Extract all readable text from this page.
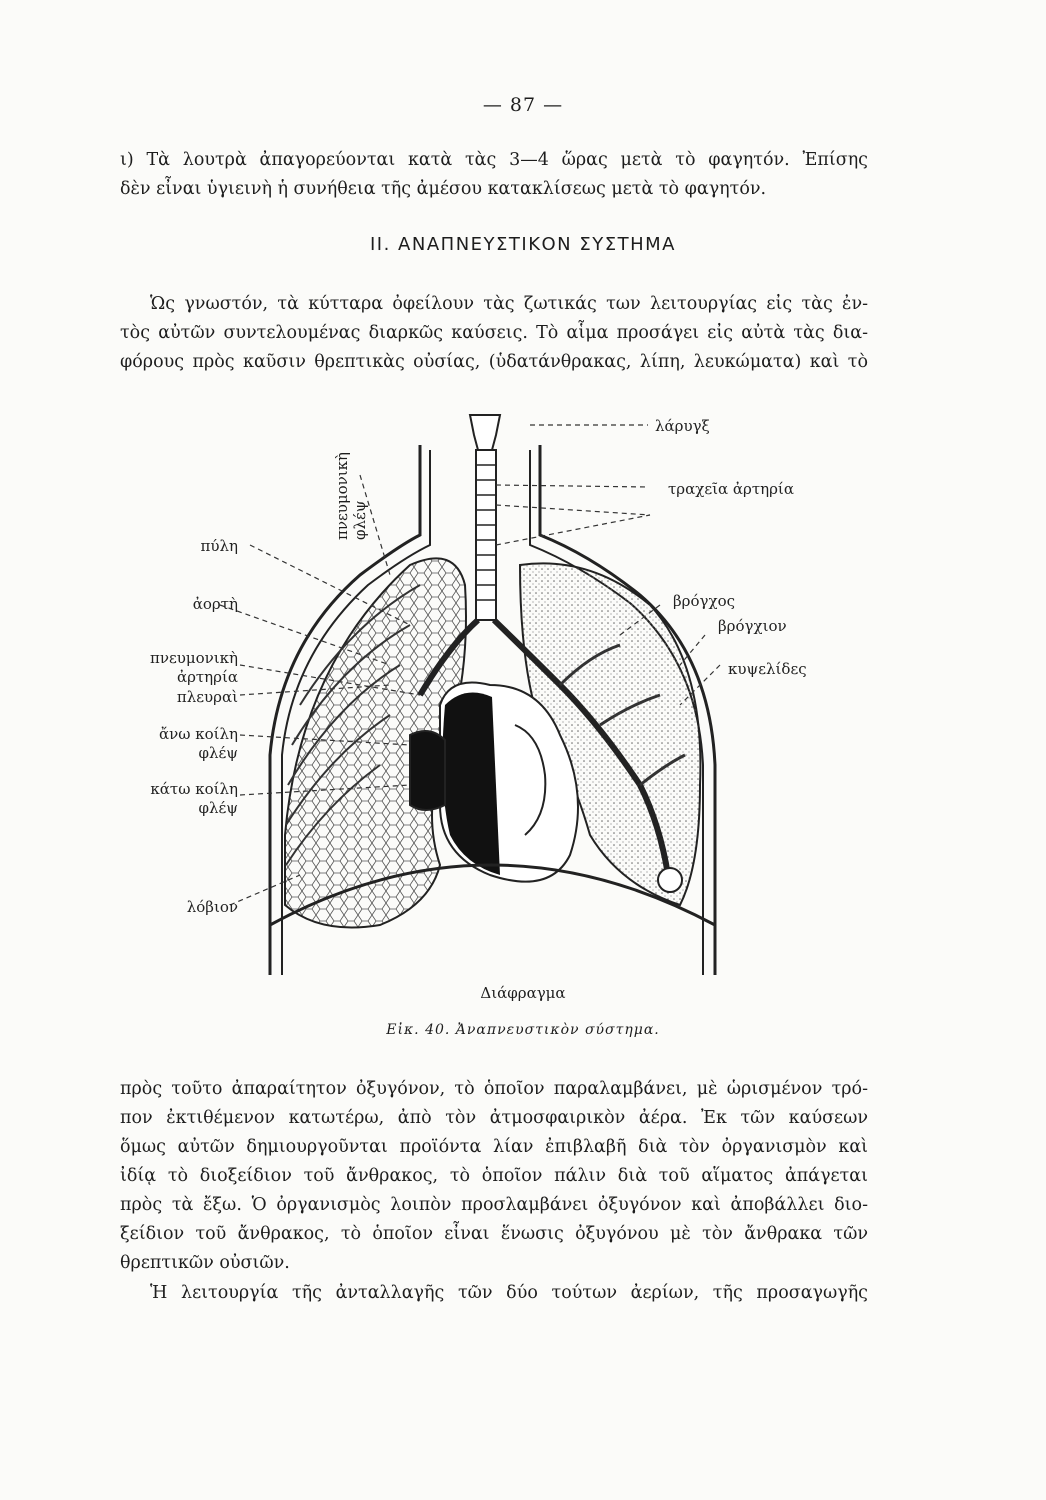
— 87 —

ι) Τὰ λουτρὰ ἀπαγορεύονται κατὰ τὰς 3—4 ὥρας μετὰ τὸ φαγητόν. Ἐπίσης
δὲν εἶναι ὑγιεινὴ ἡ συνήθεια τῆς ἀμέσου κατακλίσεως μετὰ τὸ φαγητόν.

ΙΙ. ΑΝΑΠΝΕΥΣΤΙΚΟΝ ΣΥΣΤΗΜΑ

Ὡς γνωστόν, τὰ κύτταρα ὀφείλουν τὰς ζωτικάς των λειτουργίας εἰς τὰς ἐν-
τὸς αὐτῶν συντελουμένας διαρκῶς καύσεις. Τὸ αἷμα προσάγει εἰς αὐτὰ τὰς δια-
φόρους πρὸς καῦσιν θρεπτικὰς οὐσίας, (ὑδατάνθρακας, λίπη, λευκώματα) καὶ τὸ

λάρυγξ
τραχεῖα ἀρτηρία
βρόγχος
βρόγχιον
κυψελίδες
πύλη
ἀορτὴ
πνευμονικὴ
ἀρτηρία
πλευραὶ
ἄνω κοίλη
φλέψ
κάτω κοίλη
φλέψ
λόβιον
πνευμονικὴ
φλέψ
Διάφραγμα
Εἰκ. 40. Ἀναπνευστικὸν σύστημα.

πρὸς τοῦτο ἀπαραίτητον ὀξυγόνον, τὸ ὁποῖον παραλαμβάνει, μὲ ὡρισμένον τρό-
πον ἐκτιθέμενον κατωτέρω, ἀπὸ τὸν ἀτμοσφαιρικὸν ἀέρα. Ἐκ τῶν καύσεων
ὅμως αὐτῶν δημιουργοῦνται προϊόντα λίαν ἐπιβλαβῆ διὰ τὸν ὀργανισμὸν καὶ
ἰδίᾳ τὸ διοξείδιον τοῦ ἄνθρακος, τὸ ὁποῖον πάλιν διὰ τοῦ αἵματος ἀπάγεται
πρὸς τὰ ἔξω. Ὁ ὀργανισμὸς λοιπὸν προσλαμβάνει ὀξυγόνον καὶ ἀποβάλλει διο-
ξείδιον τοῦ ἄνθρακος, τὸ ὁποῖον εἶναι ἕνωσις ὀξυγόνου μὲ τὸν ἄνθρακα τῶν
θρεπτικῶν οὐσιῶν.

Ἡ λειτουργία τῆς ἀνταλλαγῆς τῶν δύο τούτων ἀερίων, τῆς προσαγωγῆς
